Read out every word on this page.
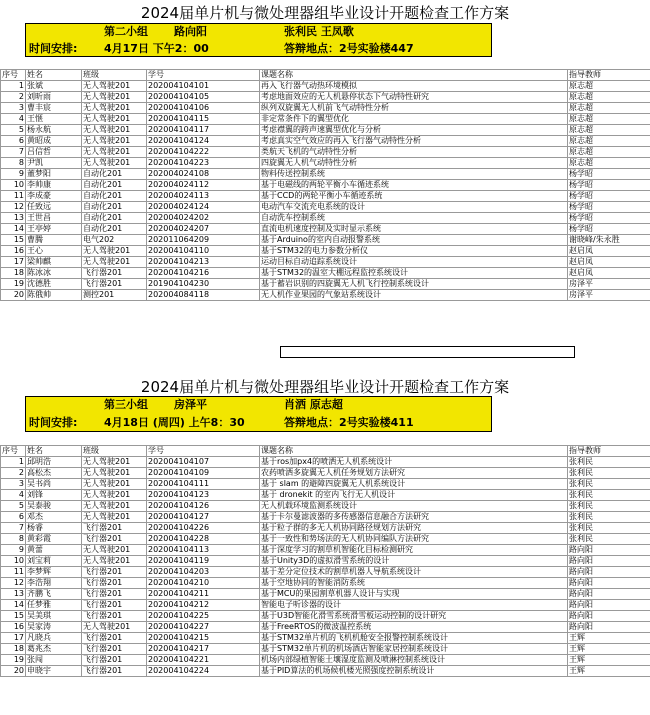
2024届单片机与微处理器组毕业设计开题检查工作方案
第二小组 路向阳	张利民 王凤歌
时间安排: 4月17日 下午2：00	答辩地点：2号实验楼447
序号	姓名	班级	学号	课题名称	指导教师
1	张斌	无人驾驶201	202004104101	再入飞行器气动热环境模拟	原志超
2	刘昕雨	无人驾驶201	202004104105	考虑地面效应的无人机悬停状态下气动特性研究	原志超
3	曹丰宸	无人驾驶201	202004104106	纵列双旋翼无人机前飞气动特性分析	原志超
4	王惬	无人驾驶201	202004104115	非定常条件下的翼型优化	原志超
5	杨永航	无人驾驶201	202004104117	考虑襟翼的跨声速翼型优化与分析	原志超
6	黄昭成	无人驾驶201	202004104124	考虑真实空气效应的再入飞行器气动特性分析	原志超
7	吕信哲	无人驾驶201	202004104222	类航天飞机的气动特性分析	原志超
8	尹凯	无人驾驶201	202004104223	四旋翼无人机气动特性分析	原志超
9	董梦阳	自动化201	202004024108	物料传送控制系统	杨学昭
10	李帅康	自动化201	202004024112	基于电磁线的两轮平衡小车循迹系统	杨学昭
11	李成豪	自动化201	202004024113	基于CCD的两轮平衡小车循迹系统	杨学昭
12	任致远	自动化201	202004024124	电动汽车交流充电系统的设计	杨学昭
13	王世昌	自动化201	202004024202	自动洗车控制系统	杨学昭
14	王亭婷	自动化201	202004024207	直流电机速度控制及实时显示系统	杨学昭
15	曹腾	电气202	202011064209	基于Arduino的室内自动报警系统	谢晓峰/朱永胜
16	王心	无人驾驶201	202004104110	基于STM32的电力参数分析仪	赵启凤
17	梁帅麒	无人驾驶201	202004104213	运动目标自动追踪系统设计	赵启凤
18	陈冰冰	飞行器201	202004104216	基于STM32的温室大棚远程监控系统设计	赵启凤
19	沈德胜	飞行器201	201904104230	基于蓄岩识别的四旋翼无人机飞行控制系统设计	房泽平
20	陈俄帅	测控201	202004084118	无人机作业果园的气象站系统设计	房泽平
2024届单片机与微处理器组毕业设计开题检查工作方案
第三小组 房泽平	肖洒 原志超
时间安排: 4月18日 (周四) 上午8：30	答辩地点：2号实验楼411
序号	姓名	班级	学号	课题名称	指导教师
1	邱明浩	无人驾驶201	202004104107	基于ros加px4的喷洒无人机系统设计	张利民
2	高松杰	无人驾驶201	202004104109	农药喷洒多旋翼无人机任务规划方法研究	张利民
3	吴书尚	无人驾驶201	202004104111	基于 slam 的避障四旋翼无人机系统设计	张利民
4	刘锋	无人驾驶201	202004104123	基于 dronekit 的室内飞行无人机设计	张利民
5	吴泰骏	无人驾驶201	202004104126	无人机载环境监测系统设计	张利民
6	邓杰	无人驾驶201	202004104127	基于卡尔曼滤波器的多传感器信息融合方法研究	张利民
7	杨睿	飞行器201	202004104226	基于粒子群的多无人机协同路径规划方法研究	张利民
8	黄彩霞	飞行器201	202004104228	基于一致性和势场法的无人机协同编队方法研究	张利民
9	黄蕾	无人驾驶201	202004104113	基于深度学习的割草机智能化目标检测研究	路向阳
10	刘宝莉	无人驾驶201	202004104119	基于Unity3D的虚拟滑雪系统的设计	路向阳
11	李梦辉	飞行器201	202004104203	基于差分定位技术的割草机器人导航系统设计	路向阳
12	李浩翔	飞行器201	202004104210	基于空地协同的智能消防系统	路向阳
13	齐鹏飞	飞行器201	202004104211	基于MCU的果园割草机器人设计与实现	路向阳
14	任梦雅	飞行器201	202004104212	智能电子听诊器的设计	路向阳
15	吴美琪	飞行器201	202004104225	基于U3D智能化滑雪系统滑雪板运动控制的设计研究	路向阳
16	吴家涛	无人驾驶201	202004104227	基于FreeRTOS的微波温控系统	路向阳
17	凡晓兵	飞行器201	202004104215	基于STM32单片机的飞机机舱安全报警控制系统设计	王辉
18	葛兆杰	飞行器201	202004104217	基于STM32单片机的机场酒店智能家居控制系统设计	王辉
19	张闯	飞行器201	202004104221	机场内部绿植智能土壤湿度监测及喷淋控制系统设计	王辉
20	申晓宇	飞行器201	202004104224	基于PID算法的机场候机楼光照强度控制系统设计	王辉
